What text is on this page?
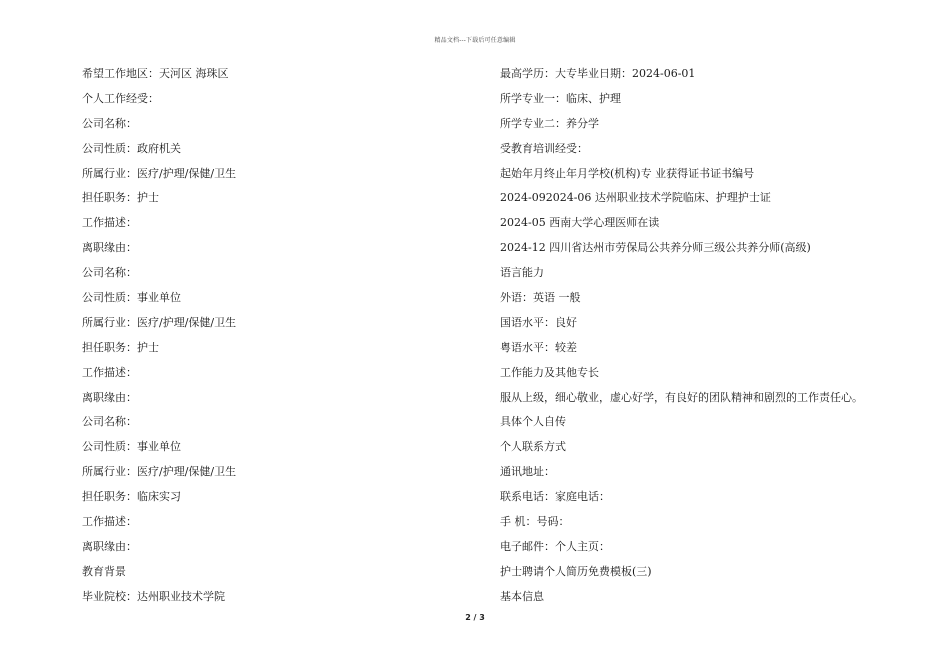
精品文档---下载后可任意编辑
希望工作地区：天河区 海珠区
个人工作经受：
公司名称：
公司性质：政府机关
所属行业：医疗/护理/保健/卫生
担任职务：护士
工作描述：
离职缘由：
公司名称：
公司性质：事业单位
所属行业：医疗/护理/保健/卫生
担任职务：护士
工作描述：
离职缘由：
公司名称：
公司性质：事业单位
所属行业：医疗/护理/保健/卫生
担任职务：临床实习
工作描述：
离职缘由：
教育背景
毕业院校：达州职业技术学院
最高学历：大专毕业日期：2024-06-01
所学专业一：临床、护理
所学专业二：养分学
受教育培训经受：
起始年月终止年月学校(机构)专 业获得证书证书编号
2024-092024-06 达州职业技术学院临床、护理护士证
2024-05 西南大学心理医师在读
2024-12 四川省达州市劳保局公共养分师三级公共养分师(高级)
语言能力
外语：英语 一般
国语水平：良好
粤语水平：较差
工作能力及其他专长
服从上级，细心敬业，虚心好学，有良好的团队精神和剧烈的工作责任心。
具体个人自传
个人联系方式
通讯地址：
联系电话：家庭电话：
手 机：号码：
电子邮件：个人主页：
护士聘请个人简历免费模板(三)
基本信息
2 / 3
